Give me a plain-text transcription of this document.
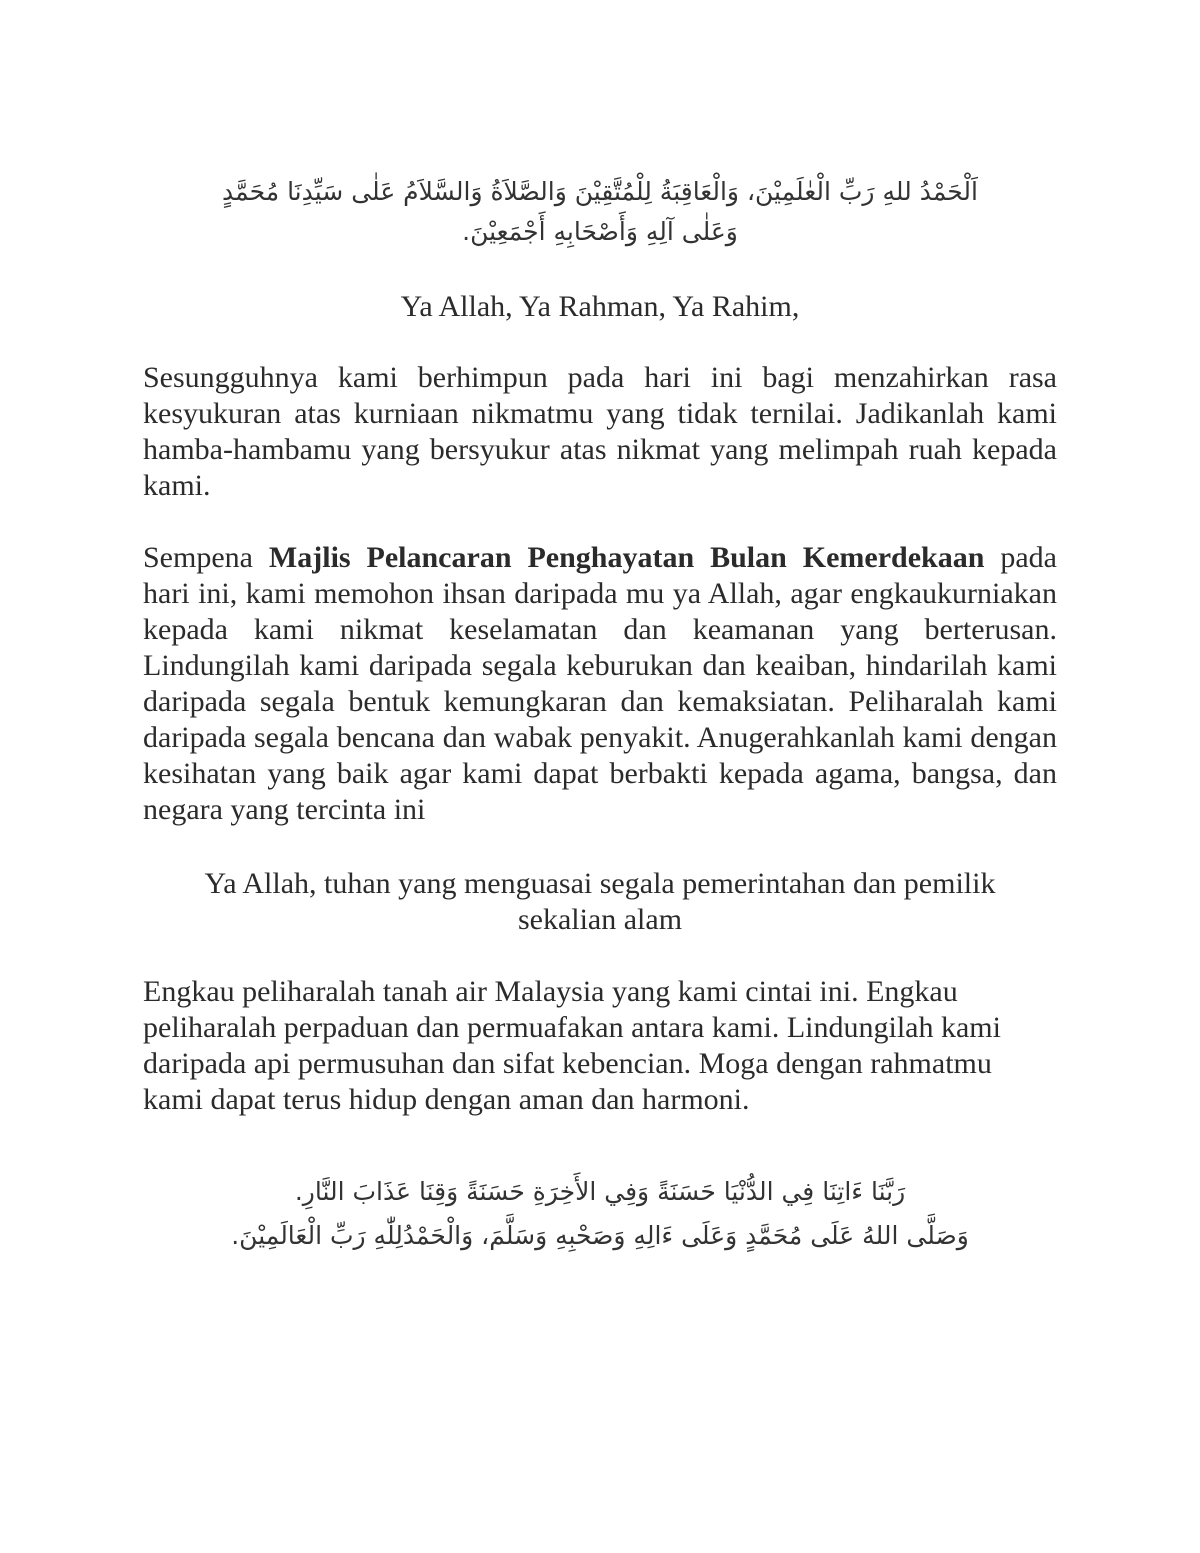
اَلْحَمْدُ للهِ رَبِّ الْعٰلَمِيْنَ، وَالْعَاقِبَةُ لِلْمُتَّقِيْنَ وَالصَّلاَةُ وَالسَّلاَمُ عَلٰى سَيِّدِنَا مُحَمَّدٍ
وَعَلٰى آلِهِ وَأَصْحَابِهِ أَجْمَعِيْنَ.
Ya Allah, Ya Rahman, Ya Rahim,
Sesungguhnya kami berhimpun pada hari ini bagi menzahirkan rasa kesyukuran atas kurniaan nikmatmu yang tidak ternilai. Jadikanlah kami hamba-hambamu yang bersyukur atas nikmat yang melimpah ruah kepada kami.
Sempena Majlis Pelancaran Penghayatan Bulan Kemerdekaan pada hari ini, kami memohon ihsan daripada mu ya Allah, agar engkaukurniakan kepada kami nikmat keselamatan dan keamanan yang berterusan. Lindungilah kami daripada segala keburukan dan keaiban, hindarilah kami daripada segala bentuk kemungkaran dan kemaksiatan. Peliharalah kami daripada segala bencana dan wabak penyakit. Anugerahkanlah kami dengan kesihatan yang baik agar kami dapat berbakti kepada agama, bangsa, dan negara yang tercinta ini
Ya Allah, tuhan yang menguasai segala pemerintahan dan pemilik
sekalian alam
Engkau peliharalah tanah air Malaysia yang kami cintai ini. Engkau
peliharalah perpaduan dan permuafakan antara kami. Lindungilah kami
daripada api permusuhan dan sifat kebencian. Moga dengan rahmatmu
kami dapat terus hidup dengan aman dan harmoni.
رَبَّنَا ءَاتِنَا فِي الدُّنْيَا حَسَنَةً وَفِي الأَخِرَةِ حَسَنَةً وَقِنَا عَذَابَ النَّارِ.
وَصَلَّى اللهُ عَلَى مُحَمَّدٍ وَعَلَى ءَالِهِ وَصَحْبِهِ وَسَلَّمَ، وَالْحَمْدُلِلّٰهِ رَبِّ الْعَالَمِيْنَ.
